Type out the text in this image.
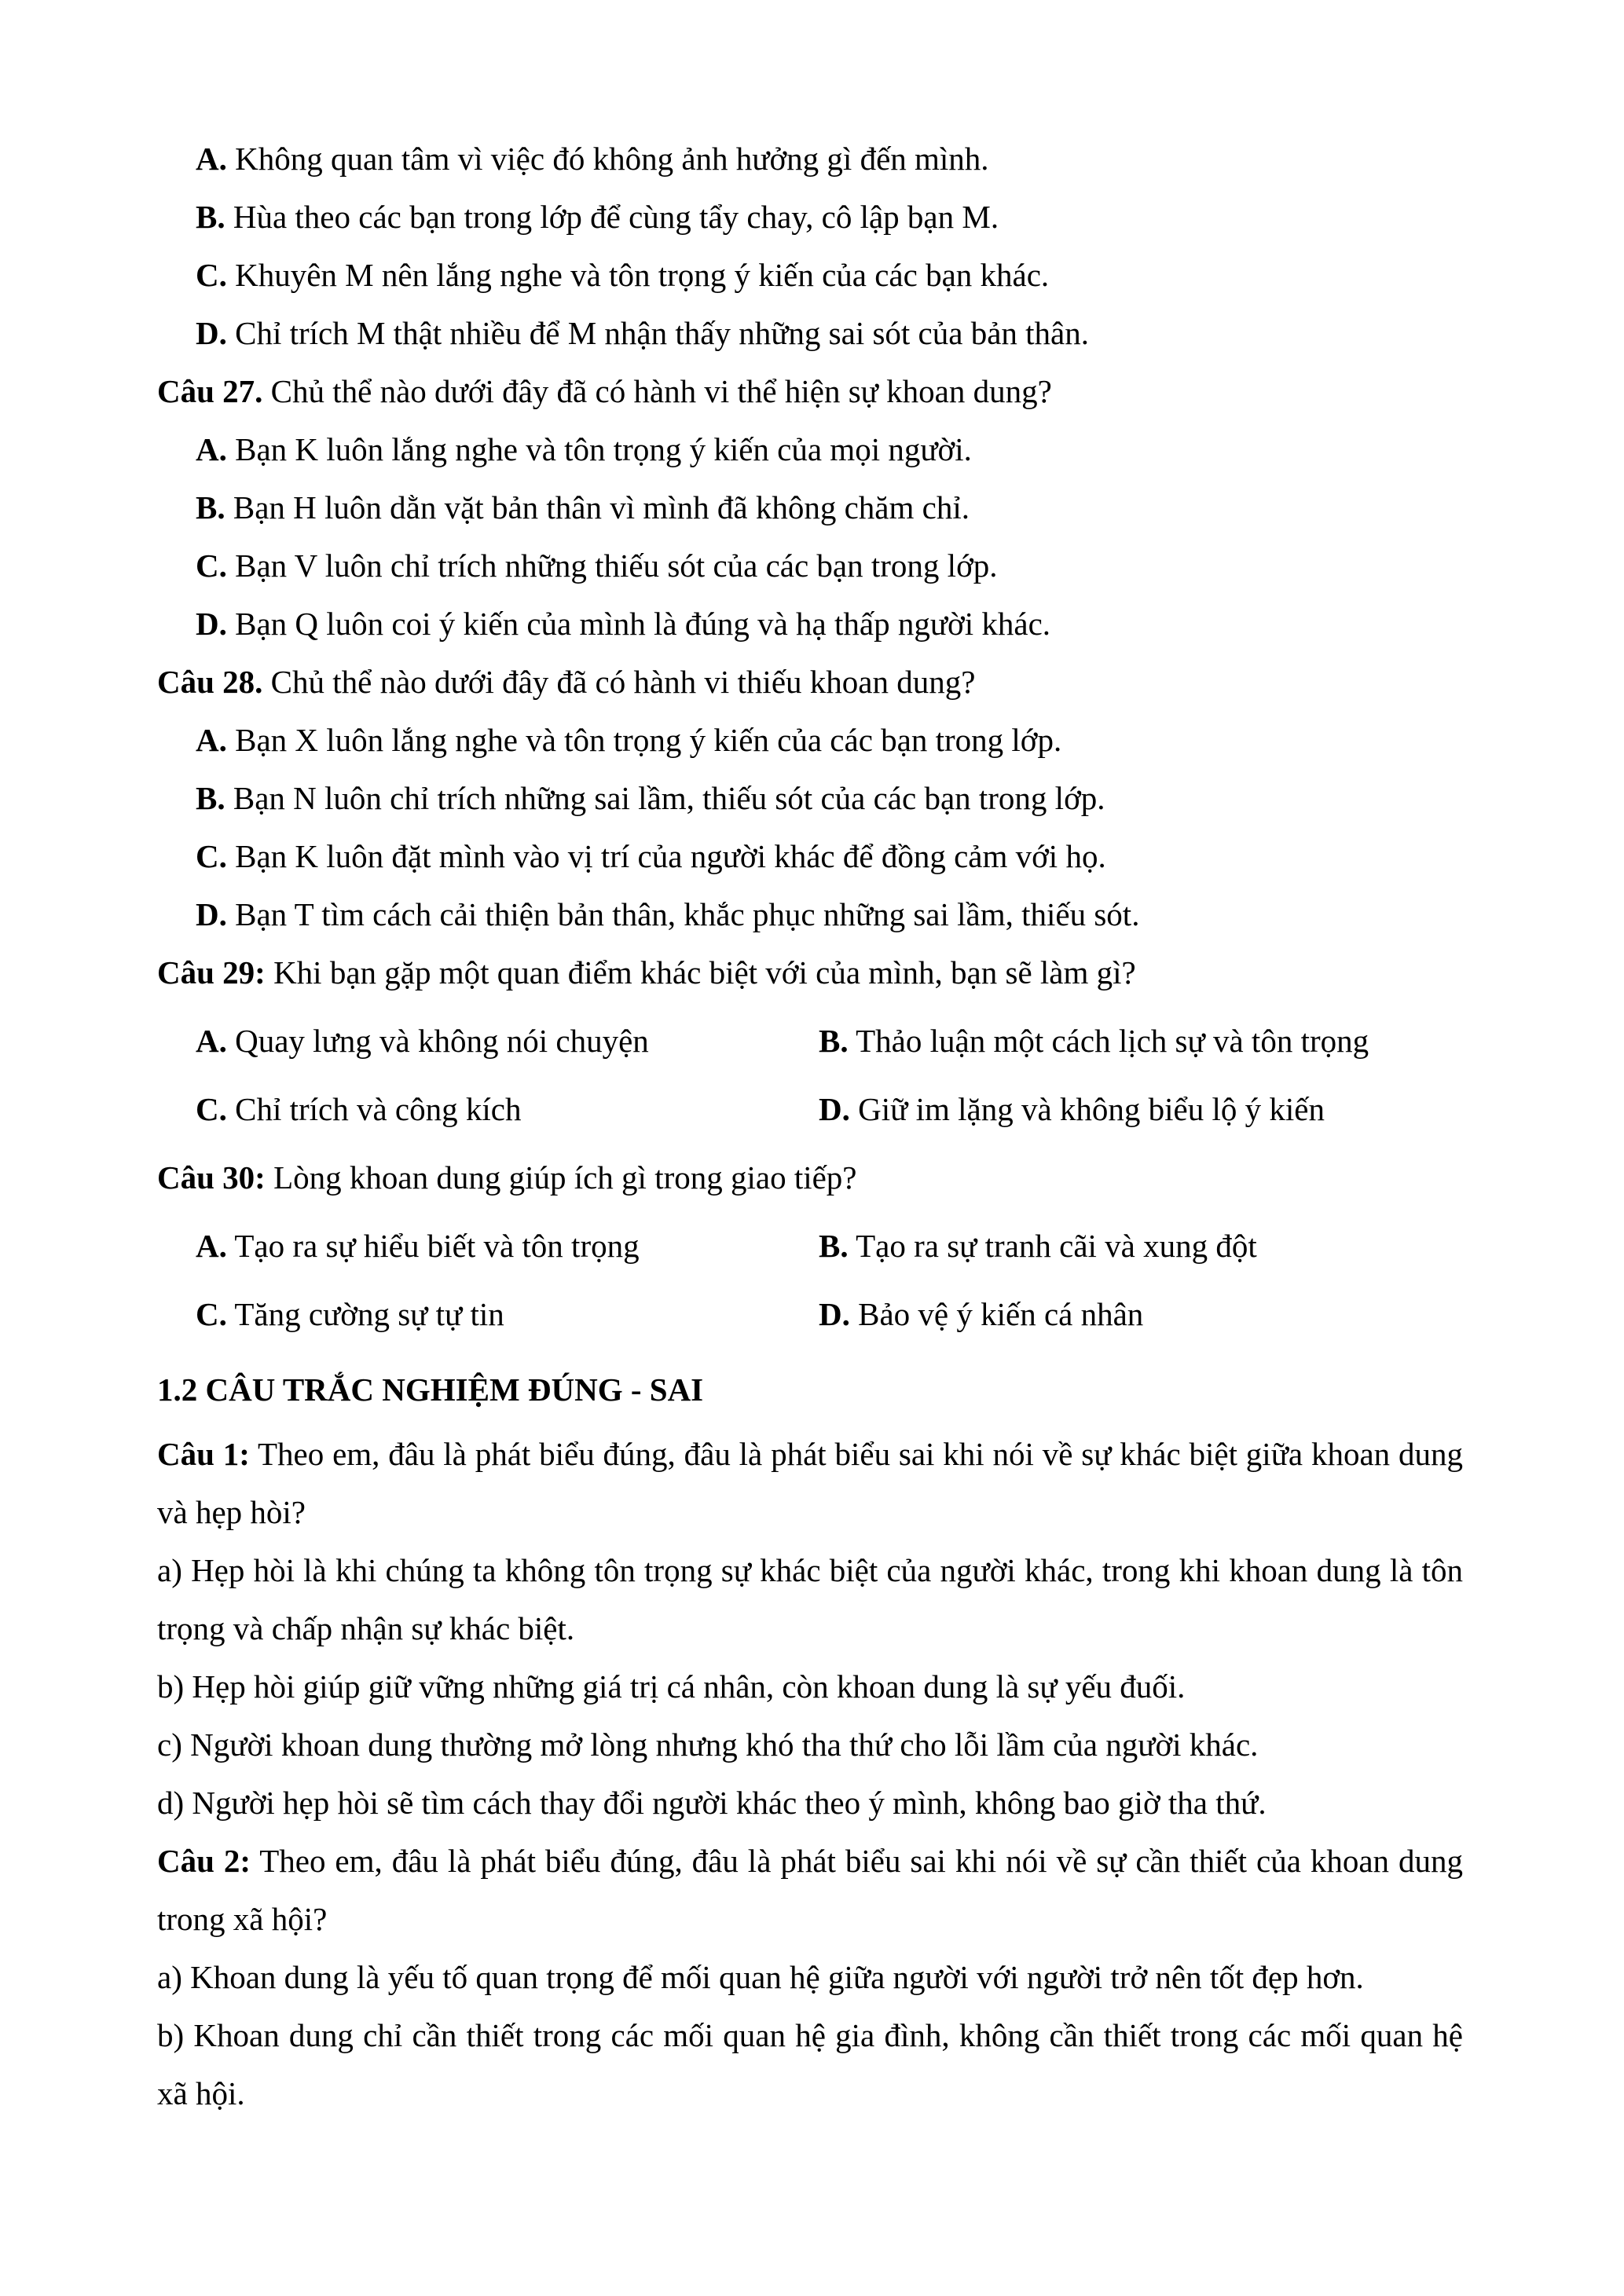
A. Không quan tâm vì việc đó không ảnh hưởng gì đến mình.
B. Hùa theo các bạn trong lớp để cùng tẩy chay, cô lập bạn M.
C. Khuyên M nên lắng nghe và tôn trọng ý kiến của các bạn khác.
D. Chỉ trích M thật nhiều để M nhận thấy những sai sót của bản thân.
Câu 27. Chủ thể nào dưới đây đã có hành vi thể hiện sự khoan dung?
A. Bạn K luôn lắng nghe và tôn trọng ý kiến của mọi người.
B. Bạn H luôn dằn vặt bản thân vì mình đã không chăm chỉ.
C. Bạn V luôn chỉ trích những thiếu sót của các bạn trong lớp.
D. Bạn Q luôn coi ý kiến của mình là đúng và hạ thấp người khác.
Câu 28. Chủ thể nào dưới đây đã có hành vi thiếu khoan dung?
A. Bạn X luôn lắng nghe và tôn trọng ý kiến của các bạn trong lớp.
B. Bạn N luôn chỉ trích những sai lầm, thiếu sót của các bạn trong lớp.
C. Bạn K luôn đặt mình vào vị trí của người khác để đồng cảm với họ.
D. Bạn T tìm cách cải thiện bản thân, khắc phục những sai lầm, thiếu sót.
Câu 29: Khi bạn gặp một quan điểm khác biệt với của mình, bạn sẽ làm gì?
A. Quay lưng và không nói chuyện	B. Thảo luận một cách lịch sự và tôn trọng
C. Chỉ trích và công kích	D. Giữ im lặng và không biểu lộ ý kiến
Câu 30: Lòng khoan dung giúp ích gì trong giao tiếp?
A. Tạo ra sự hiểu biết và tôn trọng	B. Tạo ra sự tranh cãi và xung đột
C. Tăng cường sự tự tin	D. Bảo vệ ý kiến cá nhân
1.2 CÂU TRẮC NGHIỆM ĐÚNG - SAI
Câu 1: Theo em, đâu là phát biểu đúng, đâu là phát biểu sai khi nói về sự khác biệt giữa khoan dung và hẹp hòi?
a) Hẹp hòi là khi chúng ta không tôn trọng sự khác biệt của người khác, trong khi khoan dung là tôn trọng và chấp nhận sự khác biệt.
b) Hẹp hòi giúp giữ vững những giá trị cá nhân, còn khoan dung là sự yếu đuối.
c) Người khoan dung thường mở lòng nhưng khó tha thứ cho lỗi lầm của người khác.
d) Người hẹp hòi sẽ tìm cách thay đổi người khác theo ý mình, không bao giờ tha thứ.
Câu 2: Theo em, đâu là phát biểu đúng, đâu là phát biểu sai khi nói về sự cần thiết của khoan dung trong xã hội?
a) Khoan dung là yếu tố quan trọng để mối quan hệ giữa người với người trở nên tốt đẹp hơn.
b) Khoan dung chỉ cần thiết trong các mối quan hệ gia đình, không cần thiết trong các mối quan hệ xã hội.
